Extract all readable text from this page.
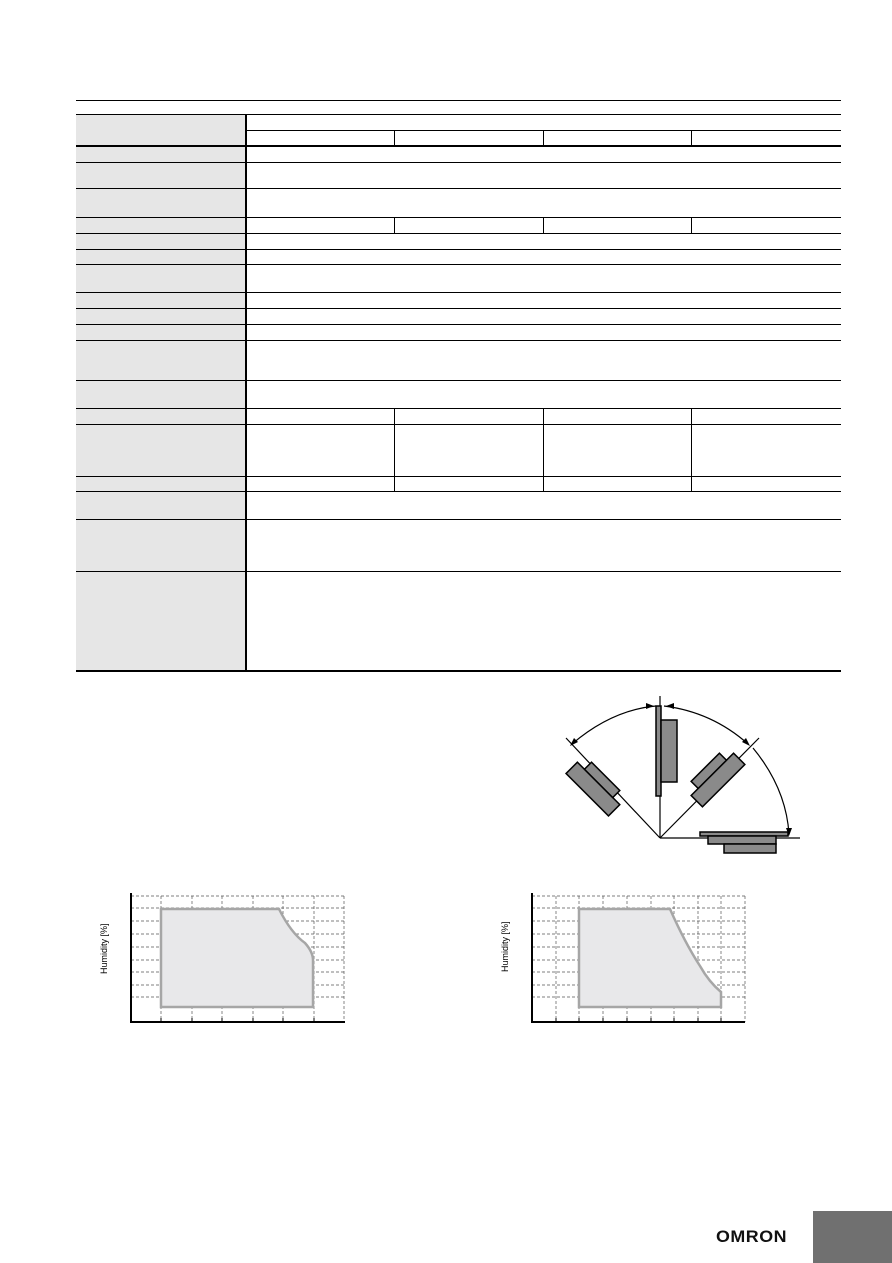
Humidity [%]	Humidity [%]
OMRON
